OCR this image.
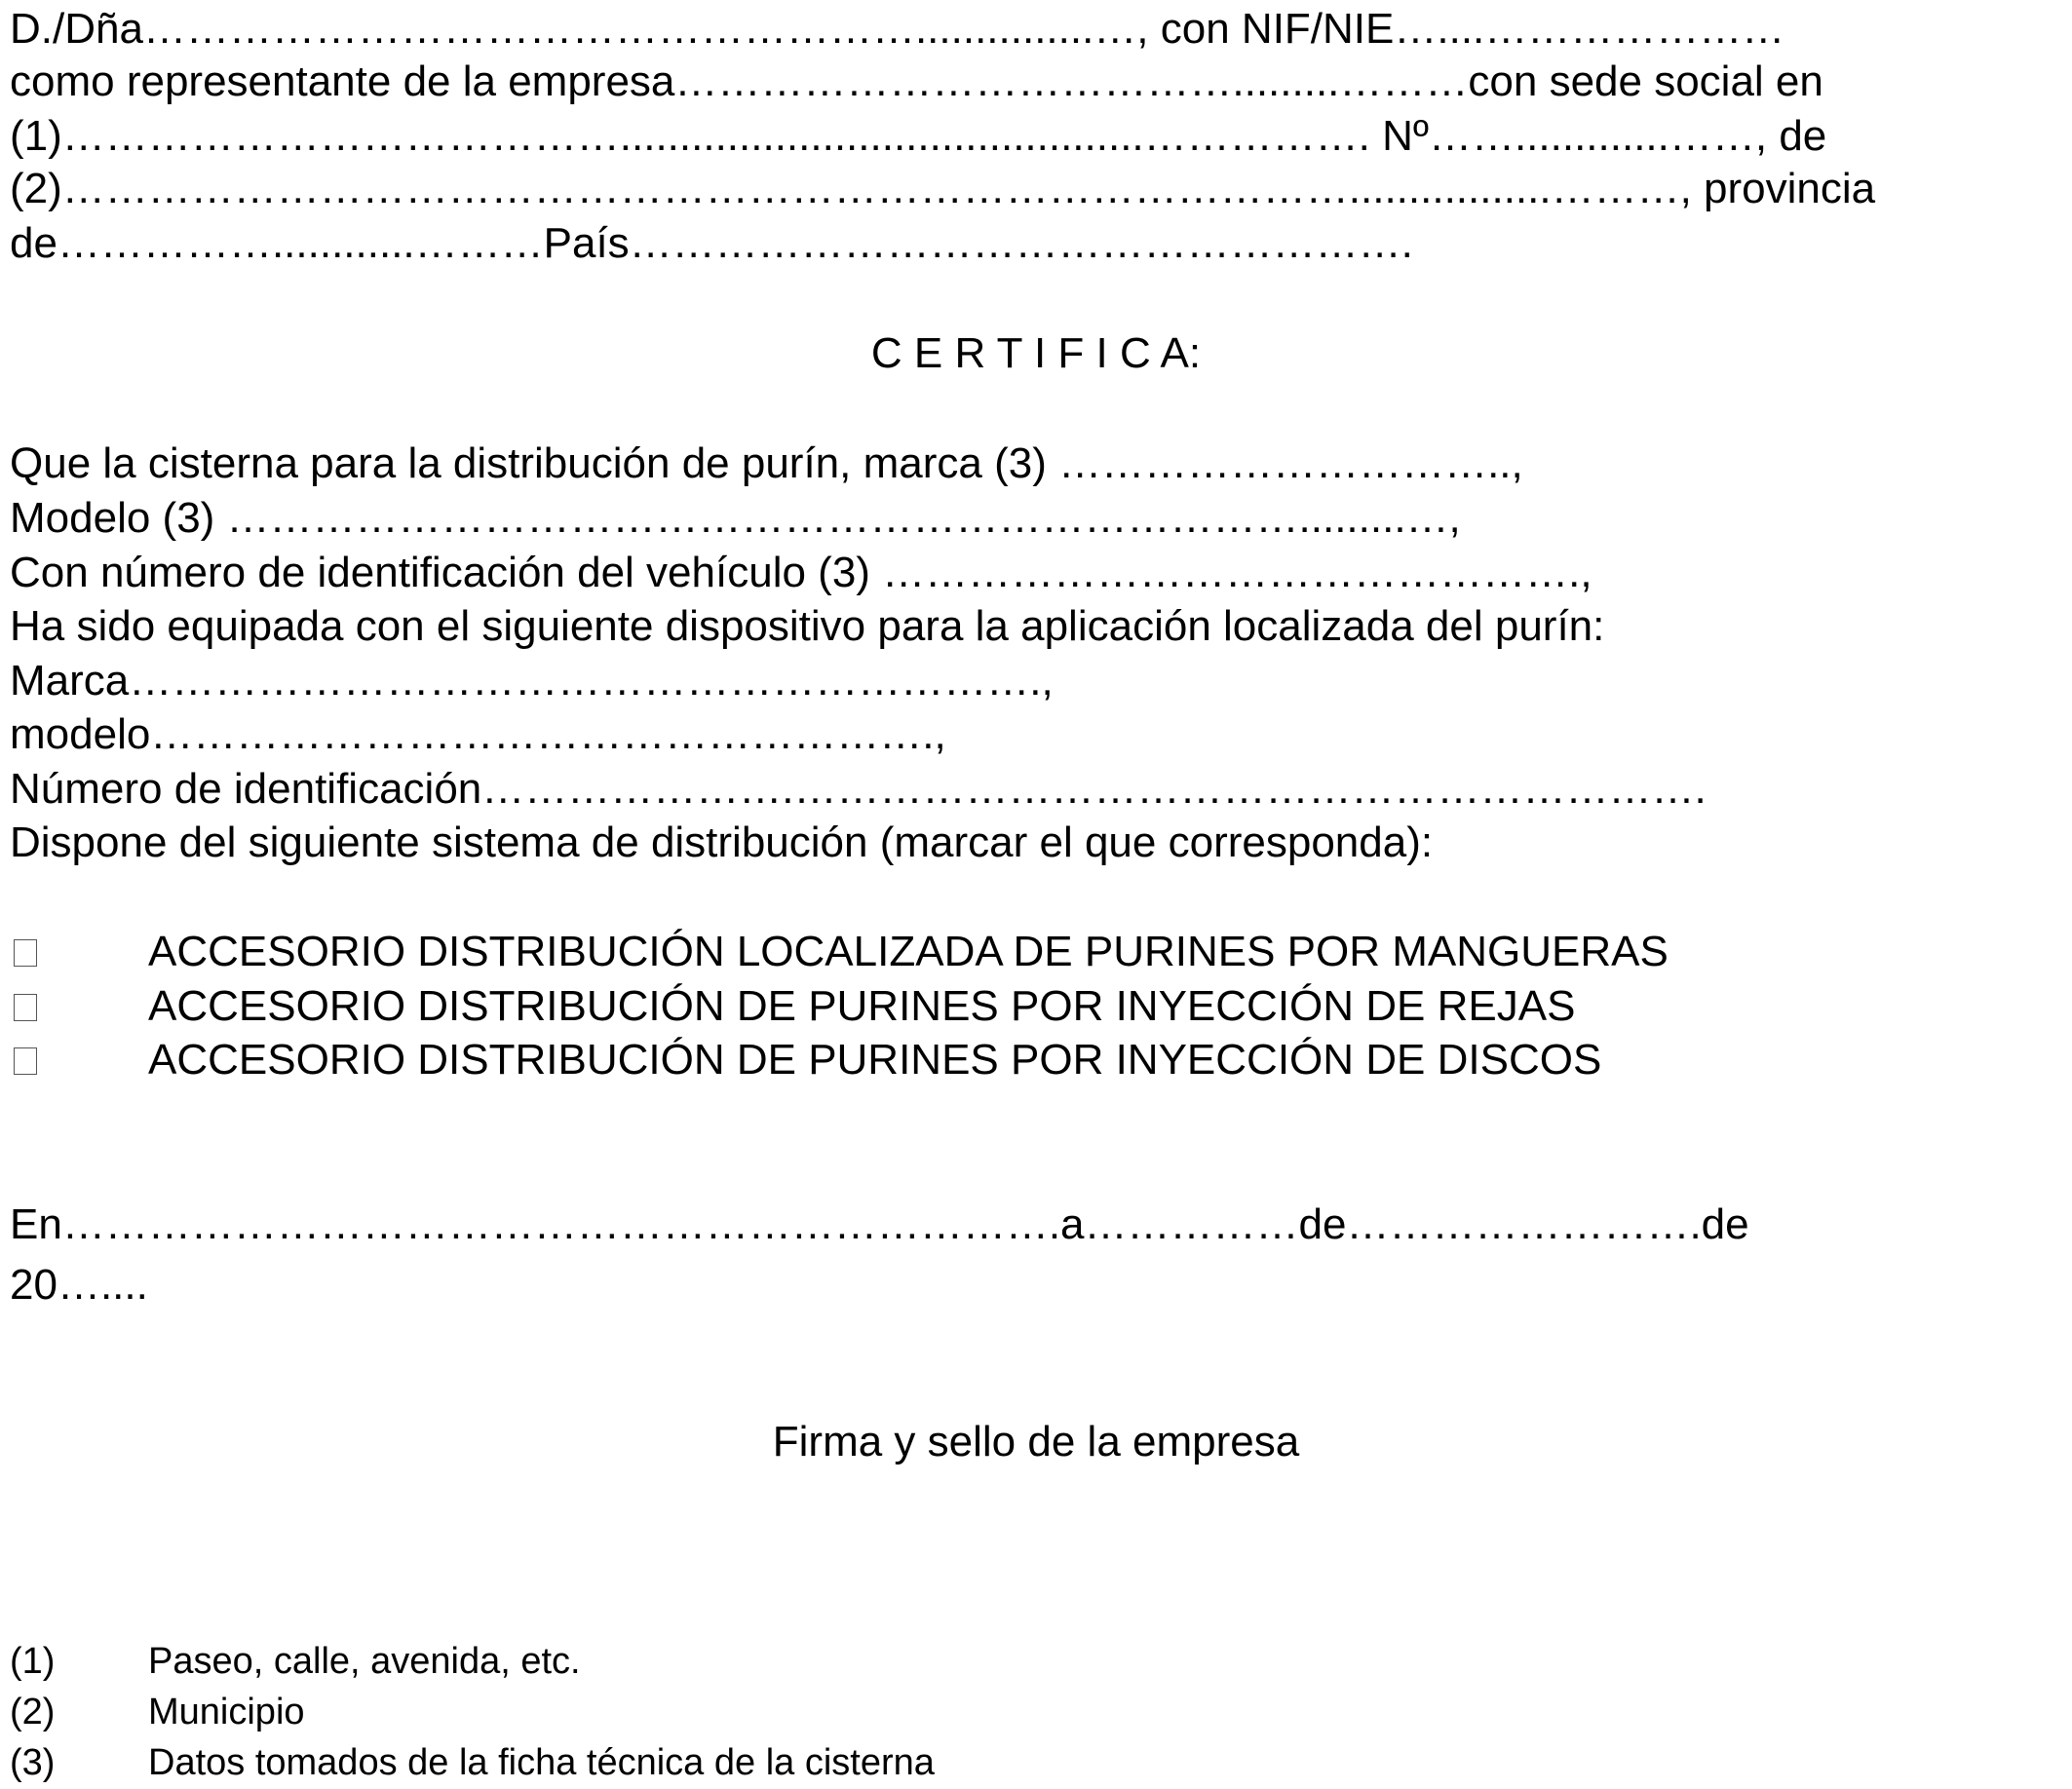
D./Dña………………………………………………...............…, con NIF/NIE…....…………………
como representante de la empresa………………………………….........………con sede social en
(1)…………………………………............................................……………. Nº…….............……, de
(2)……………………………………………………………………………….................………, provincia
de……………............………País……………………………………………….
C E R T I F I C A:
Que la cisterna para la distribución de purín, marca (3) …………………………..,
Modelo (3) ………………………………………………………………….........…,
Con número de identificación del vehículo (3) ………………………………………….,
Ha sido equipada con el siguiente dispositivo para la aplicación localizada del purín:
Marca……………………………………………………….,
modelo……………………………………………….,
Número de identificación………………….……………………………………………………….
Dispone del siguiente sistema de distribución (marcar el que corresponda):
ACCESORIO DISTRIBUCIÓN LOCALIZADA DE PURINES POR MANGUERAS
ACCESORIO DISTRIBUCIÓN DE PURINES POR INYECCIÓN DE REJAS
ACCESORIO DISTRIBUCIÓN DE PURINES POR INYECCIÓN DE DISCOS
En…………………………………………………………….a……………de…………………….de
20…....
Firma y sello de la empresa
(1)	Paseo, calle, avenida, etc.
(2)	Municipio
(3)	Datos tomados de la ficha técnica de la cisterna
